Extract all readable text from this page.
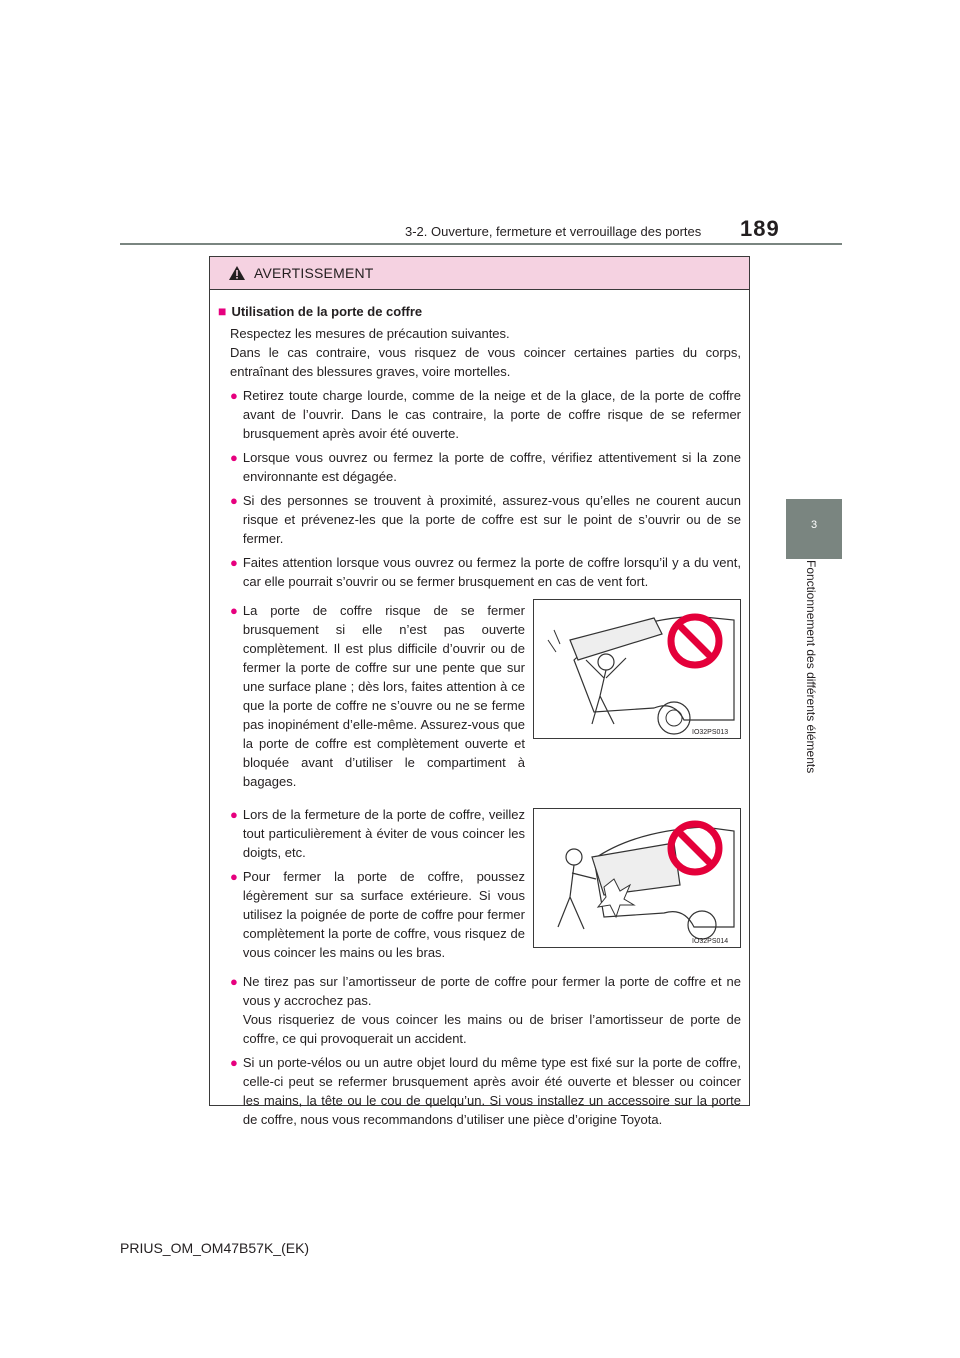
189
3-2. Ouverture, fermeture et verrouillage des portes
3
Fonctionnement des différents éléments
AVERTISSEMENT
■ Utilisation de la porte de coffre

Respectez les mesures de précaution suivantes.

Dans le cas contraire, vous risquez de vous coincer certaines parties du corps, entraînant des blessures graves, voire mortelles.

● Retirez toute charge lourde, comme de la neige et de la glace, de la porte de coffre avant de l’ouvrir. Dans le cas contraire, la porte de coffre risque de se refermer brusquement après avoir été ouverte.
● Lorsque vous ouvrez ou fermez la porte de coffre, vérifiez attentivement si la zone environnante est dégagée.
● Si des personnes se trouvent à proximité, assurez-vous qu’elles ne courent aucun risque et prévenez-les que la porte de coffre est sur le point de s’ouvrir ou de se fermer.
● Faites attention lorsque vous ouvrez ou fermez la porte de coffre lorsqu’il y a du vent, car elle pourrait s’ouvrir ou se fermer brusquement en cas de vent fort.
● La porte de coffre risque de se fermer brusquement si elle n’est pas ouverte complètement. Il est plus difficile d’ouvrir ou de fermer la porte de coffre sur une pente que sur une surface plane ; dès lors, faites attention à ce que la porte de coffre ne s’ouvre ou ne se ferme pas inopinément d’elle-même. Assurez-vous que la porte de coffre est complètement ouverte et bloquée avant d’utiliser le compartiment à bagages.
IO32PS013
● Lors de la fermeture de la porte de coffre, veillez tout particulièrement à éviter de vous coincer les doigts, etc.
● Pour fermer la porte de coffre, poussez légèrement sur sa surface extérieure. Si vous utilisez la poignée de porte de coffre pour fermer complètement la porte de coffre, vous risquez de vous coincer les mains ou les bras.
IO32PS014
● Ne tirez pas sur l’amortisseur de porte de coffre pour fermer la porte de coffre et ne vous y accrochez pas.
Vous risqueriez de vous coincer les mains ou de briser l’amortisseur de porte de coffre, ce qui provoquerait un accident.
● Si un porte-vélos ou un autre objet lourd du même type est fixé sur la porte de coffre, celle-ci peut se refermer brusquement après avoir été ouverte et blesser ou coincer les mains, la tête ou le cou de quelqu’un. Si vous installez un accessoire sur la porte de coffre, nous vous recommandons d’utiliser une pièce d’origine Toyota.
PRIUS_OM_OM47B57K_(EK)
